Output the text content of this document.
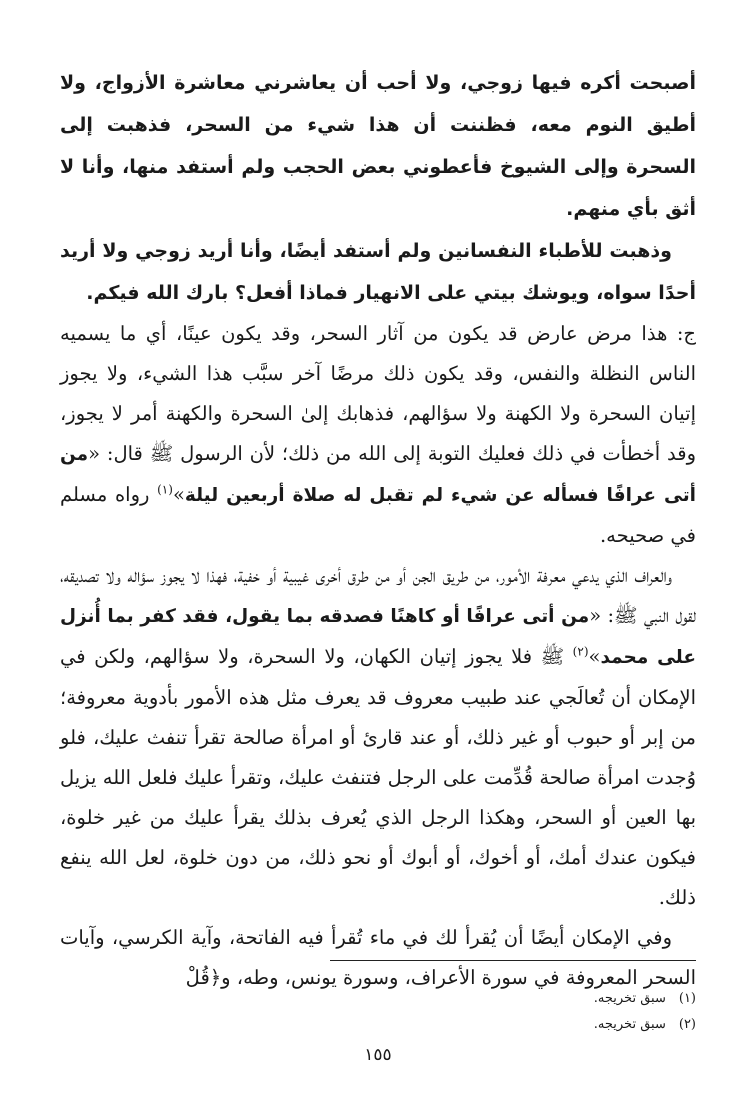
أصبحت أكره فيها زوجي، ولا أحب أن يعاشرني معاشرة الأزواج، ولا أطيق النوم معه، فظننت أن هذا شيء من السحر، فذهبت إلى السحرة وإلى الشيوخ فأعطوني بعض الحجب ولم أستفد منها، وأنا لا أثق بأي منهم.

وذهبت للأطباء النفسانين ولم أستفد أيضًا، وأنا أريد زوجي ولا أريد أحدًا سواه، ويوشك بيتي على الانهيار فماذا أفعل؟ بارك الله فيكم.

ج: هذا مرض عارض قد يكون من آثار السحر، وقد يكون عينًا، أي ما يسميه الناس النظلة والنفس، وقد يكون ذلك مرضًا آخر سبَّب هذا الشيء، ولا يجوز إتيان السحرة ولا الكهنة ولا سؤالهم، فذهابك إلىٰ السحرة والكهنة أمر لا يجوز، وقد أخطأت في ذلك فعليك التوبة إلى الله من ذلك؛ لأن الرسول ﷺ قال: «من أتى عرافًا فسأله عن شيء لم تقبل له صلاة أربعين ليلة»$^{(١)}$ رواه مسلم في صحيحه.

والعراف الذي يدعي معرفة الأمور، من طريق الجن أو من طرق أخرى غيبية أو خفية، فهذا لا يجوز سؤاله ولا تصديقه، لقول النبي ﷺ: «من أتى عرافًا أو كاهنًا فصدقه بما يقول، فقد كفر بما أُنزل على محمد»$^{(٢)}$ ﷺ فلا يجوز إتيان الكهان، ولا السحرة، ولا سؤالهم، ولكن في الإمكان أن تُعالَجي عند طبيب معروف قد يعرف مثل هذه الأمور بأدوية معروفة؛ من إبر أو حبوب أو غير ذلك، أو عند قارئ أو امرأة صالحة تقرأ تنفث عليك، فلو وُجدت امرأة صالحة قُدِّمت على الرجل فتنفث عليك، وتقرأ عليك فلعل الله يزيل بها العين أو السحر، وهكذا الرجل الذي يُعرف بذلك يقرأ عليك من غير خلوة، فيكون عندك أمك، أو أخوك، أو أبوك أو نحو ذلك، من دون خلوة، لعل الله ينفع ذلك.

وفي الإمكان أيضًا أن يُقرأ لك في ماء تُقرأ فيه الفاتحة، وآية الكرسي، وآيات السحر المعروفة في سورة الأعراف، وسورة يونس، وطه، و﴿قُلْ

(١) سبق تخريجه.
(٢) سبق تخريجه.
١٥٥
